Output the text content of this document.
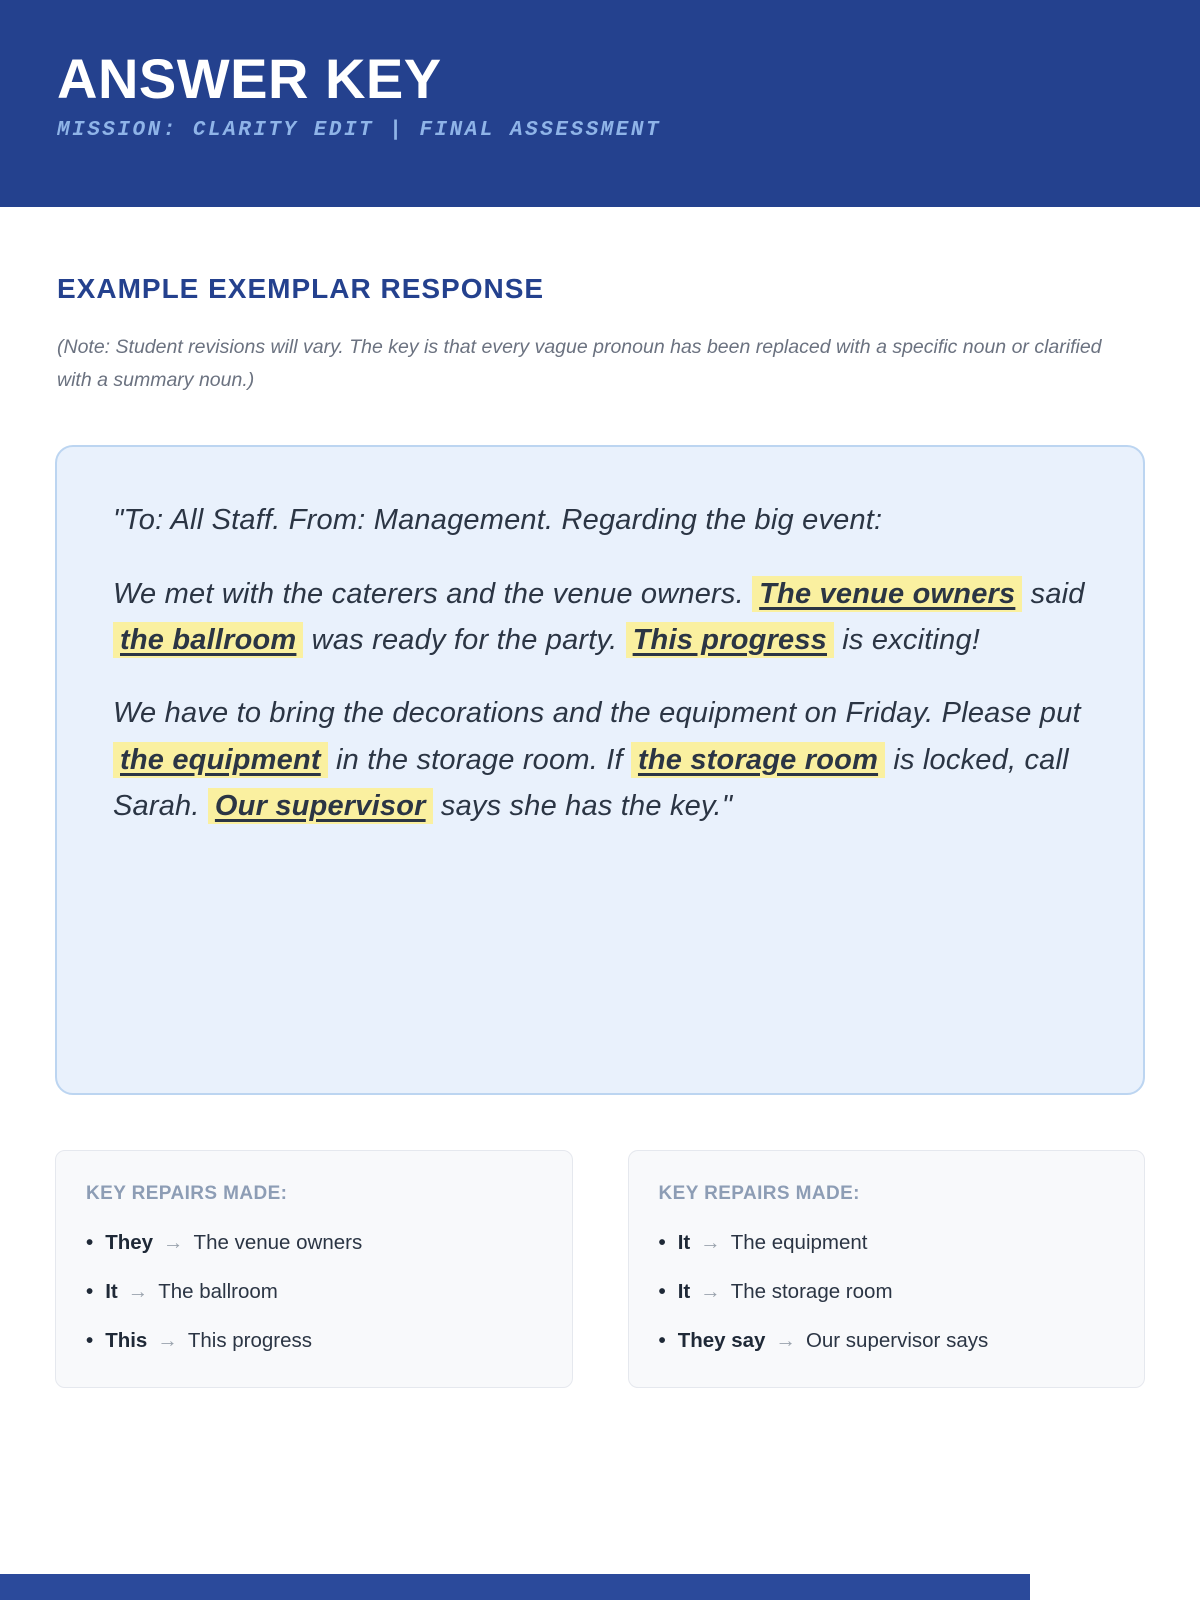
ANSWER KEY
MISSION: CLARITY EDIT | FINAL ASSESSMENT
EXAMPLE EXEMPLAR RESPONSE

(Note: Student revisions will vary. The key is that every vague pronoun has been replaced with a specific noun or clarified with a summary noun.)

"To: All Staff. From: Management. Regarding the big event:

We met with the caterers and the venue owners. The venue owners said the ballroom was ready for the party. This progress is exciting!

We have to bring the decorations and the equipment on Friday. Please put the equipment in the storage room. If the storage room is locked, call Sarah. Our supervisor says she has the key."

KEY REPAIRS MADE:
• They → The venue owners
• It → The ballroom
• This → This progress
KEY REPAIRS MADE:
• It → The equipment
• It → The storage room
• They say → Our supervisor says
